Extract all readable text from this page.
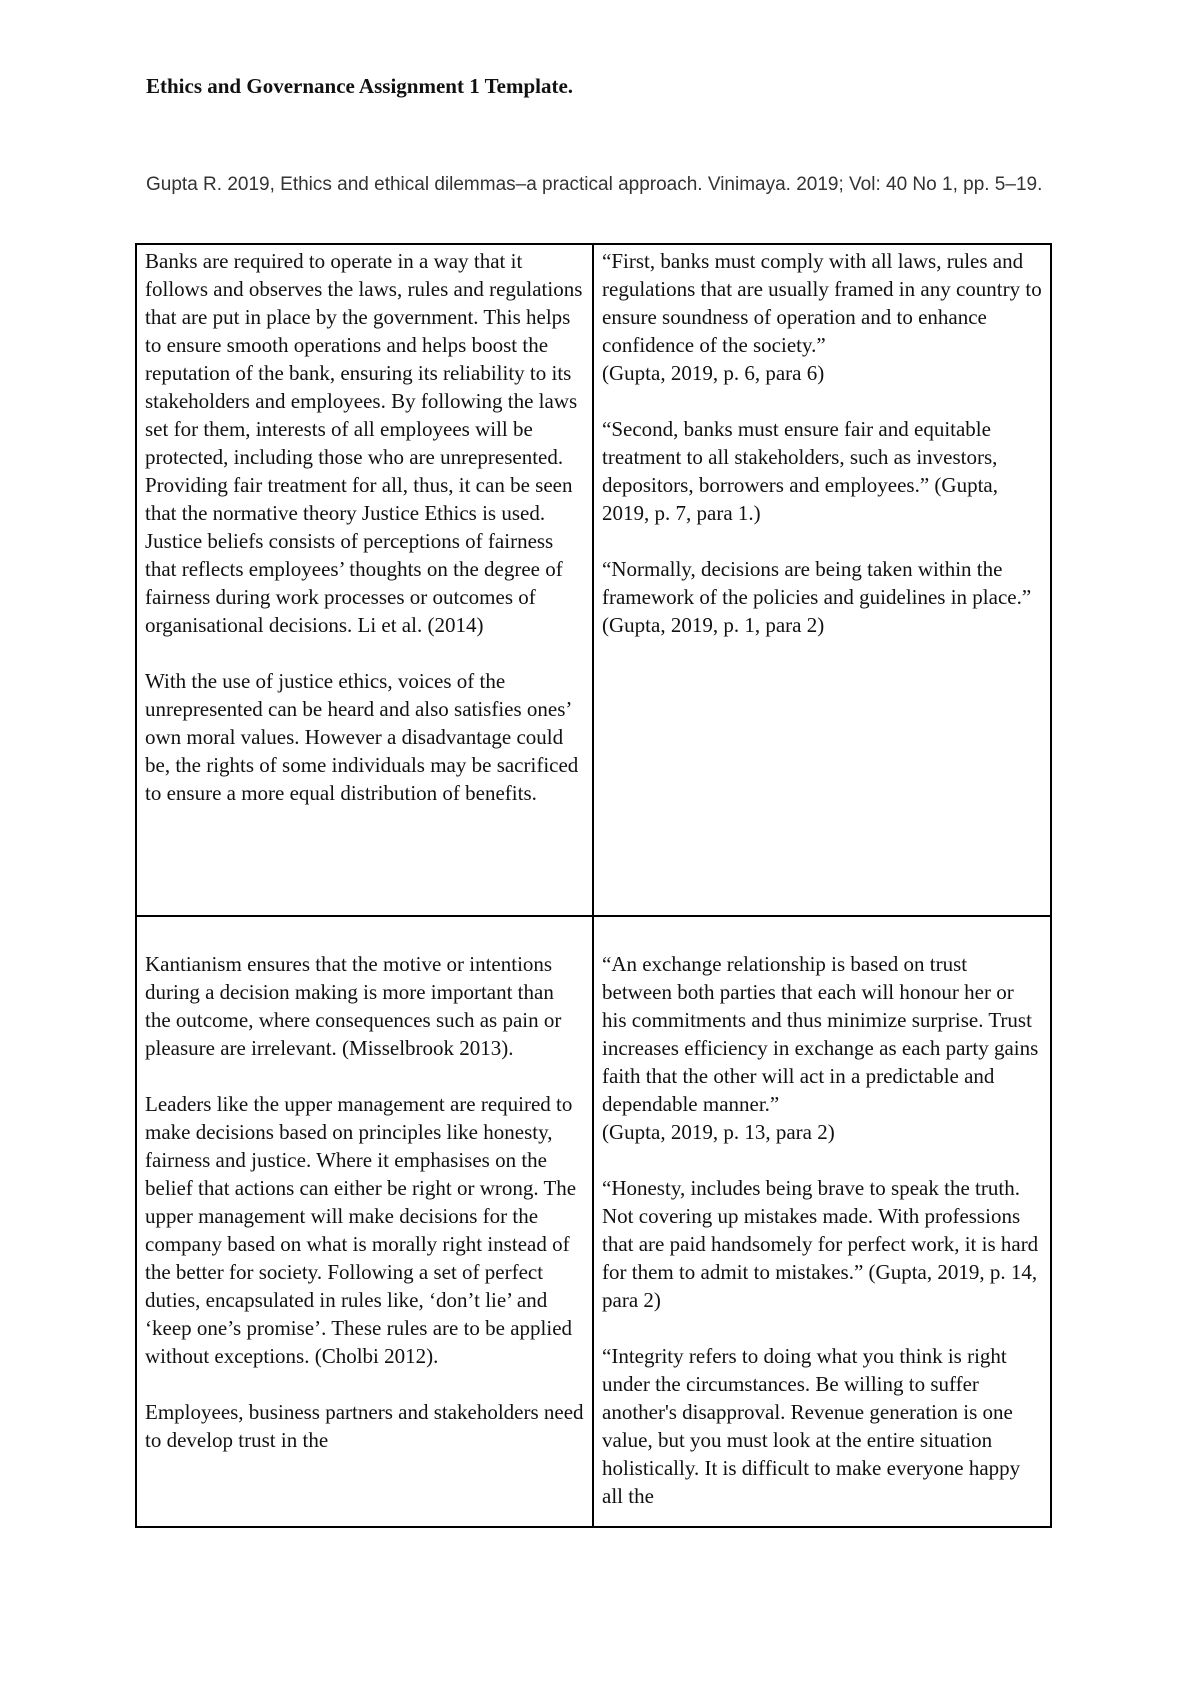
Ethics and Governance Assignment 1 Template.

Gupta R. 2019, Ethics and ethical dilemmas–a practical approach. Vinimaya. 2019; Vol: 40 No 1, pp. 5–19.

Banks are required to operate in a way that it follows and observes the laws, rules and regulations that are put in place by the government. This helps to ensure smooth operations and helps boost the reputation of the bank, ensuring its reliability to its stakeholders and employees. By following the laws set for them, interests of all employees will be protected, including those who are unrepresented. Providing fair treatment for all, thus, it can be seen that the normative theory Justice Ethics is used. Justice beliefs consists of perceptions of fairness that reflects employees’ thoughts on the degree of fairness during work processes or outcomes of organisational decisions. Li et al. (2014)

With the use of justice ethics, voices of the unrepresented can be heard and also satisfies ones’ own moral values. However a disadvantage could be, the rights of some individuals may be sacrificed to ensure a more equal distribution of benefits.

“First, banks must comply with all laws, rules and regulations that are usually framed in any country to ensure soundness of operation and to enhance confidence of the society.”

(Gupta, 2019, p. 6, para 6)

“Second, banks must ensure fair and equitable treatment to all stakeholders, such as investors, depositors, borrowers and employees.” (Gupta, 2019, p. 7, para 1.)

“Normally, decisions are being taken within the framework of the policies and guidelines in place.”

(Gupta, 2019, p. 1, para 2)

Kantianism ensures that the motive or intentions during a decision making is more important than the outcome, where consequences such as pain or pleasure are irrelevant. (Misselbrook 2013).

Leaders like the upper management are required to make decisions based on principles like honesty, fairness and justice. Where it emphasises on the belief that actions can either be right or wrong. The upper management will make decisions for the company based on what is morally right instead of the better for society. Following a set of perfect duties, encapsulated in rules like, ‘don’t lie’ and ‘keep one’s promise’. These rules are to be applied without exceptions. (Cholbi 2012).

Employees, business partners and stakeholders need to develop trust in the

“An exchange relationship is based on trust between both parties that each will honour her or his commitments and thus minimize surprise. Trust increases efficiency in exchange as each party gains faith that the other will act in a predictable and dependable manner.”

(Gupta, 2019, p. 13, para 2)

“Honesty, includes being brave to speak the truth. Not covering up mistakes made. With professions that are paid handsomely for perfect work, it is hard for them to admit to mistakes.” (Gupta, 2019, p. 14, para 2)

“Integrity refers to doing what you think is right under the circumstances. Be willing to suffer another's disapproval. Revenue generation is one value, but you must look at the entire situation holistically. It is difficult to make everyone happy all the
